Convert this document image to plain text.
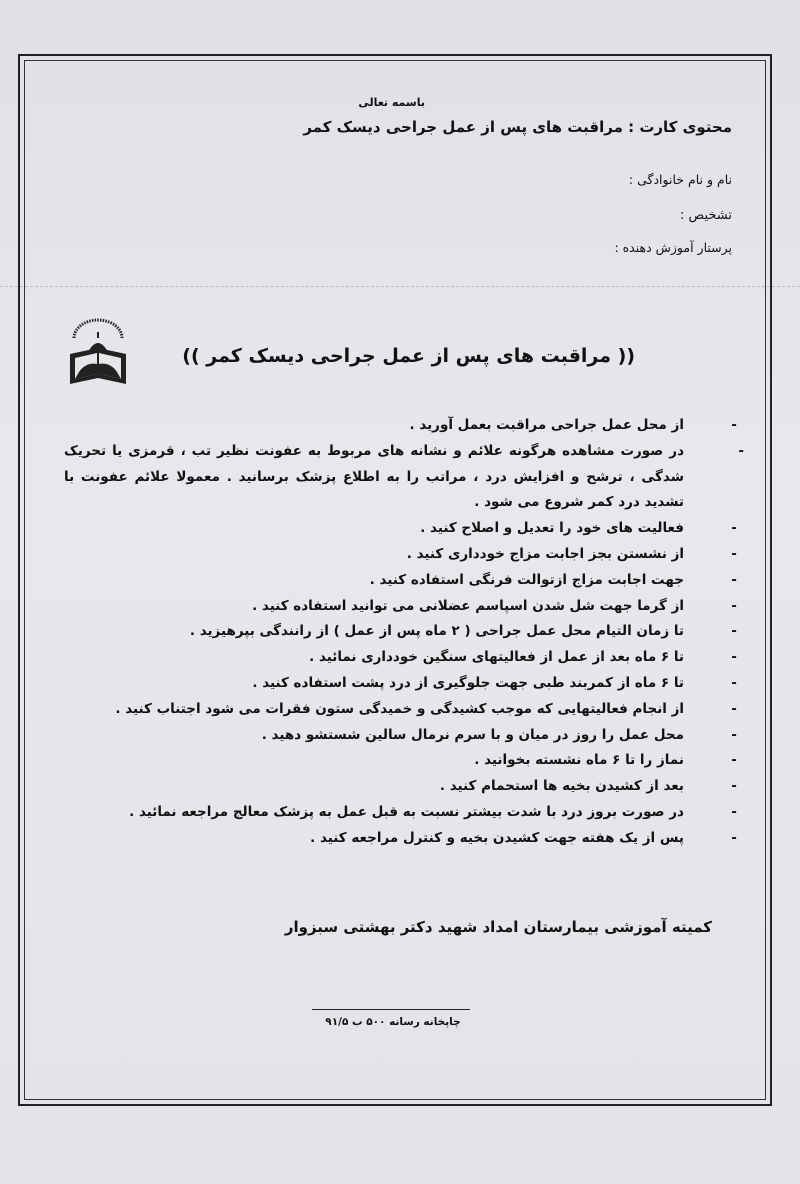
باسمه تعالی
محتوی کارت : مراقبت های پس از عمل جراحی دیسک کمر
نام و نام خانوادگی :
تشخیص :
پرستار آموزش دهنده :
(( مراقبت های پس از عمل جراحی دیسک کمر ))
-
از محل عمل جراحی مراقبت بعمل آورید .
-
در صورت مشاهده هرگونه علائم و نشانه های مربوط به عفونت نظیر تب ، قرمزی یا تحریک شدگی ، ترشح و افزایش درد ، مراتب را به اطلاع پزشک برسانید . معمولا علائم عفونت با تشدید درد کمر شروع می شود .
-
فعالیت های خود را تعدیل و اصلاح کنید .
-
از نشستن بجز اجابت مزاج خودداری کنید .
-
جهت اجابت مزاج ازتوالت فرنگی استفاده کنید .
-
از گرما جهت شل شدن اسپاسم عضلانی می توانید استفاده کنید .
-
تا زمان التیام محل عمل جراحی ( ۲ ماه پس از عمل ) از رانندگی بپرهیزید .
-
تا ۶ ماه بعد از عمل از فعالیتهای سنگین خودداری نمائید .
-
تا ۶ ماه از کمربند طبی جهت جلوگیری از درد پشت استفاده کنید .
-
از انجام فعالیتهایی که موجب کشیدگی و خمیدگی ستون فقرات می شود اجتناب کنید .
-
محل عمل را روز در میان و با سرم نرمال سالین شستشو دهید .
-
نماز را تا ۶ ماه نشسته بخوانید .
-
بعد از کشیدن بخیه ها استحمام کنید .
-
در صورت بروز درد با شدت بیشتر نسبت به قبل عمل به پزشک معالج مراجعه نمائید .
-
پس از یک هفته جهت کشیدن بخیه و کنترل مراجعه کنید .
کمیته آموزشی بیمارستان امداد شهید دکتر بهشتی سبزوار
چاپخانه رسانه ۵۰۰ ب ۹۱/۵
